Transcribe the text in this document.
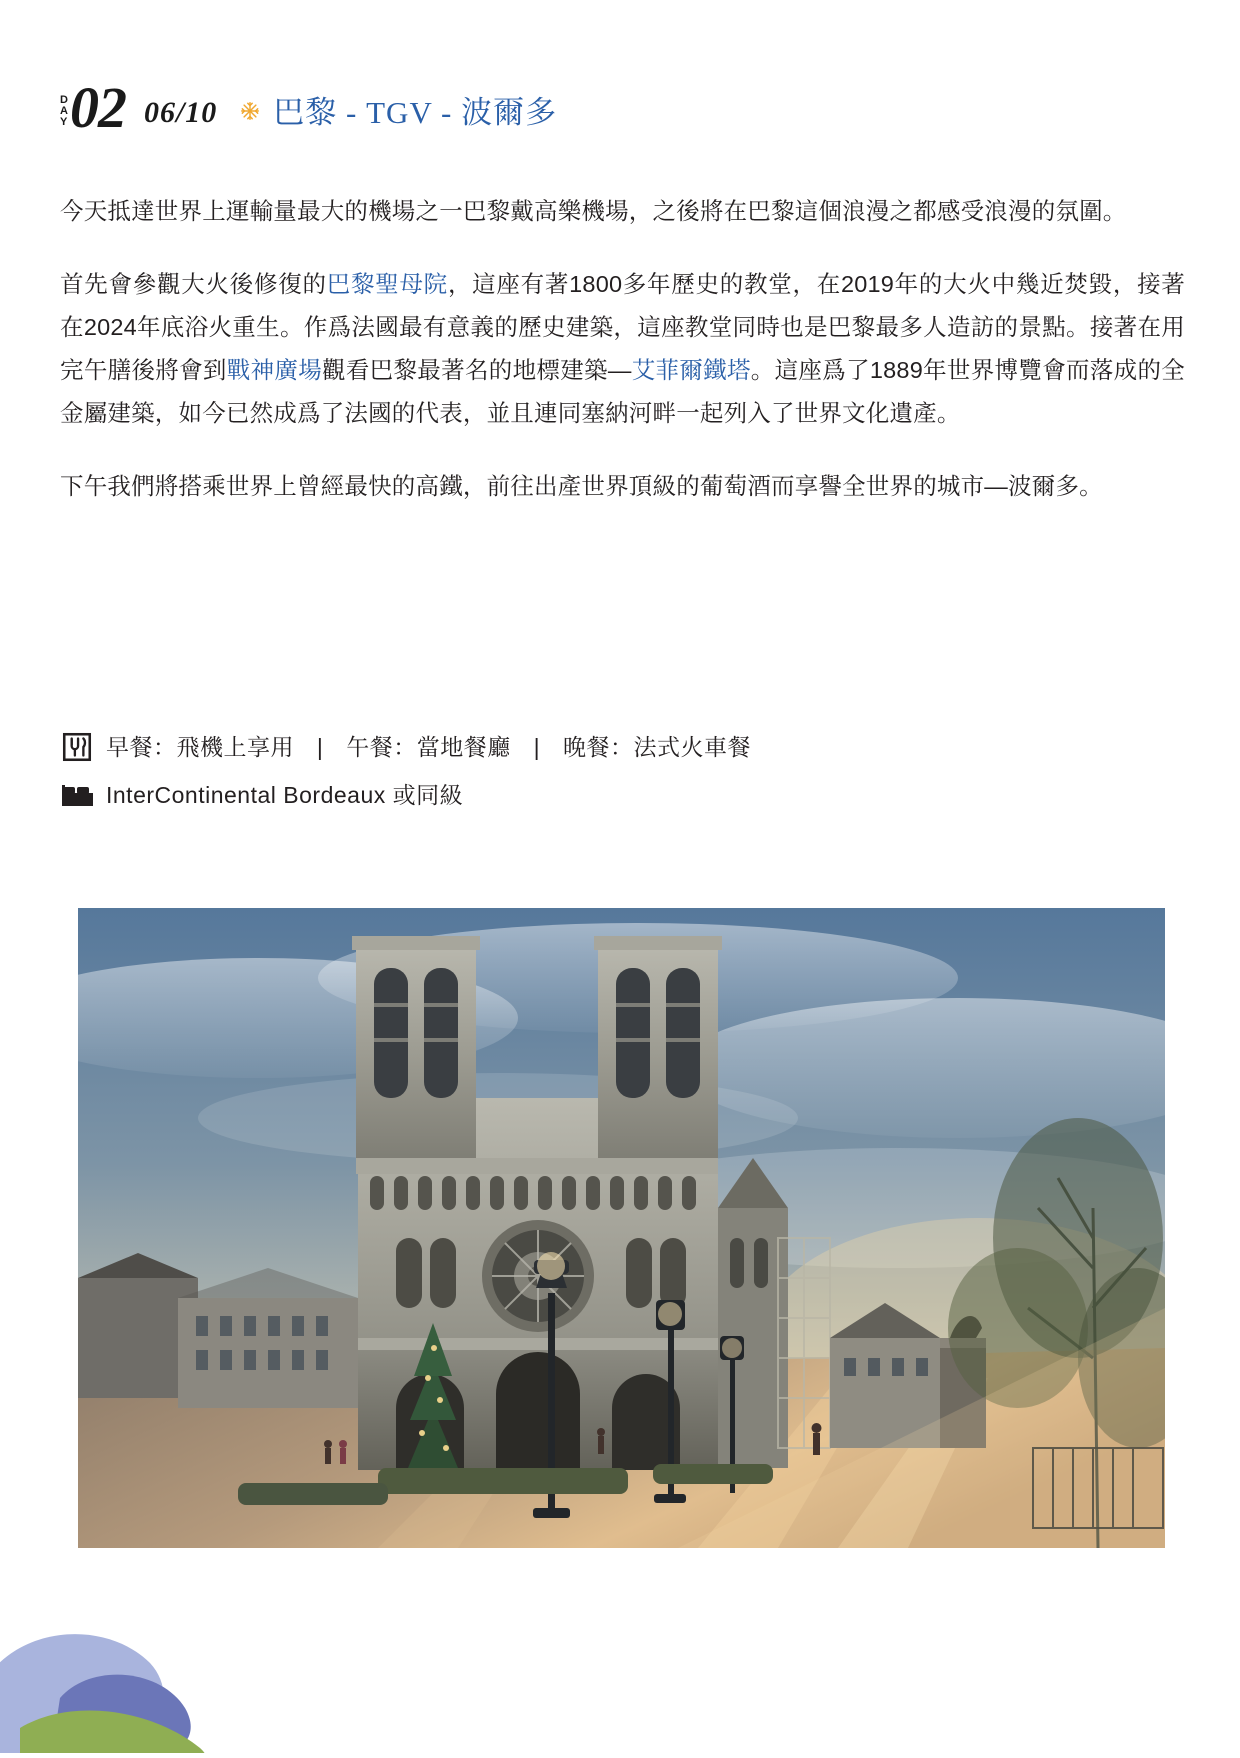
D
A
Y 02 06/10 巴黎 - TGV - 波爾多

今天抵達世界上運輸量最大的機場之一巴黎戴高樂機場，之後將在巴黎這個浪漫之都感受浪漫的氛圍。

首先會參觀大火後修復的巴黎聖母院，這座有著1800多年歷史的教堂，在2019年的大火中幾近焚毀，接著在2024年底浴火重生。作爲法國最有意義的歷史建築，這座教堂同時也是巴黎最多人造訪的景點。接著在用完午膳後將會到戰神廣場觀看巴黎最著名的地標建築—艾菲爾鐵塔。這座爲了1889年世界博覽會而落成的全金屬建築，如今已然成爲了法國的代表，並且連同塞納河畔一起列入了世界文化遺產。

下午我們將搭乘世界上曾經最快的高鐵，前往出產世界頂級的葡萄酒而享譽全世界的城市—波爾多。

早餐：飛機上享用 | 午餐：當地餐廳 | 晚餐：法式火車餐
InterContinental Bordeaux 或同級
